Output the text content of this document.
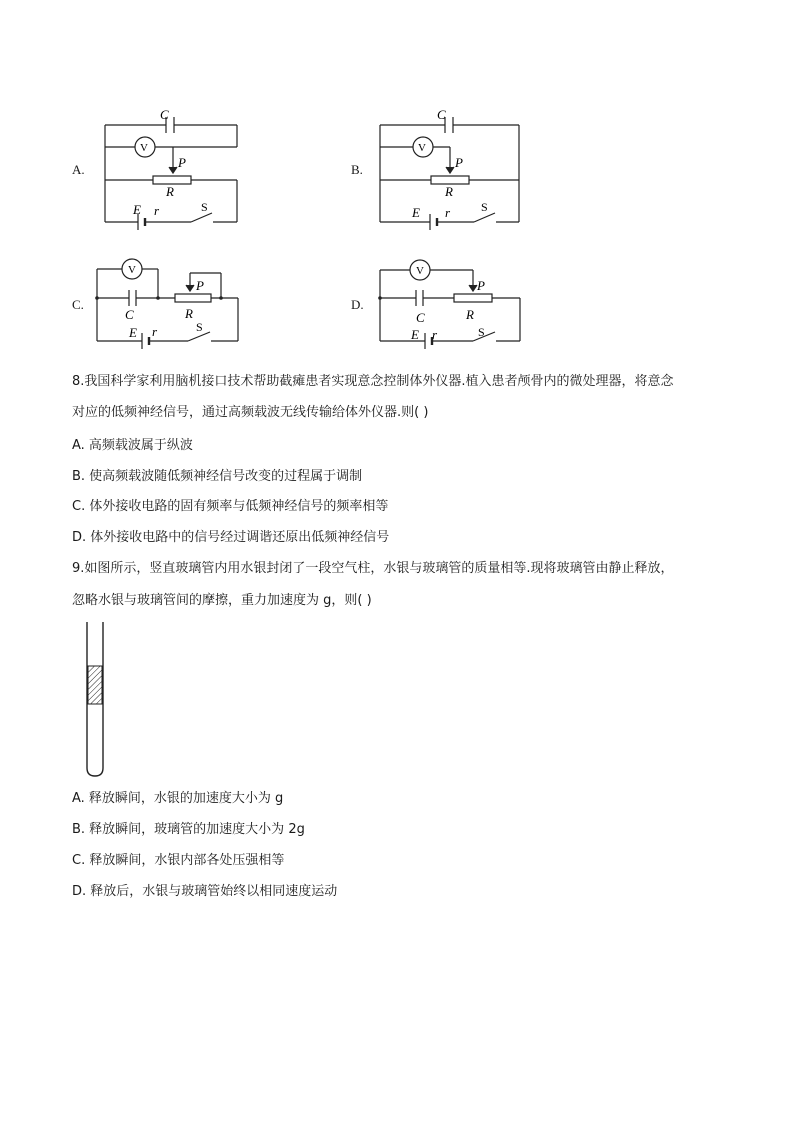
A.
C
V
P
R
E r	S
B.
C
V
P
R
E r	S
C.
V
C
P
R
E r	S
D.
V
C
P
R
E r	S
8.我国科学家利用脑机接口技术帮助截瘫患者实现意念控制体外仪器.植入患者颅骨内的微处理器，将意念
对应的低频神经信号，通过高频载波无线传输给体外仪器.则( )
A. 高频载波属于纵波
B. 使高频载波随低频神经信号改变的过程属于调制
C. 体外接收电路的固有频率与低频神经信号的频率相等
D. 体外接收电路中的信号经过调谐还原出低频神经信号
9.如图所示，竖直玻璃管内用水银封闭了一段空气柱，水银与玻璃管的质量相等.现将玻璃管由静止释放，
忽略水银与玻璃管间的摩擦，重力加速度为 g，则( )
A. 释放瞬间，水银的加速度大小为 g
B. 释放瞬间，玻璃管的加速度大小为 2g
C. 释放瞬间，水银内部各处压强相等
D. 释放后，水银与玻璃管始终以相同速度运动
